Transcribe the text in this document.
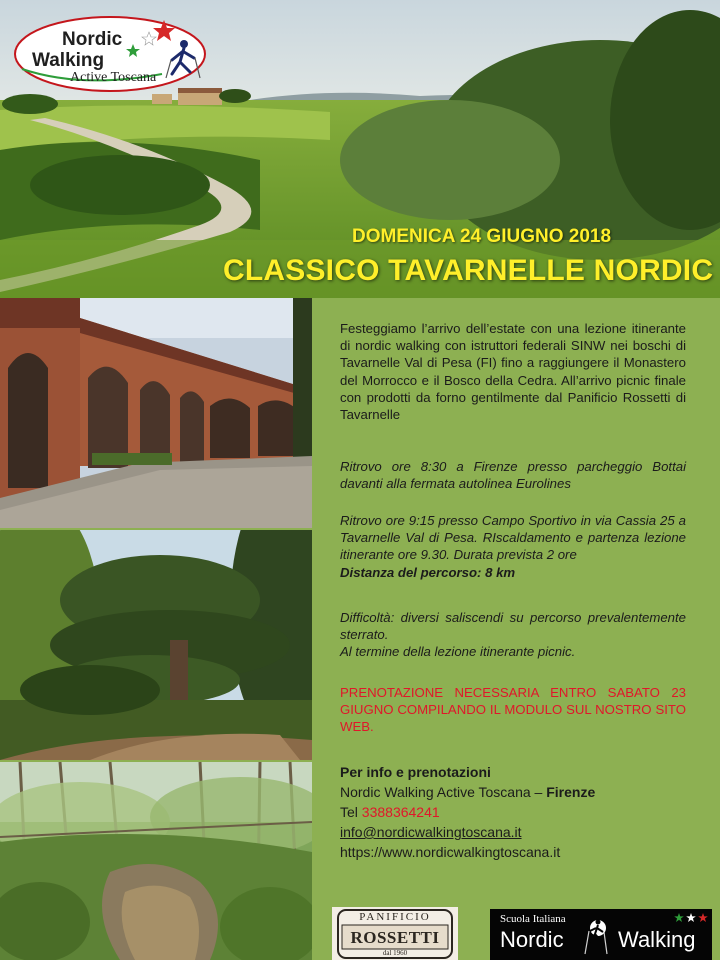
Nordic
Walking
Active Toscana
DOMENICA 24 GIUGNO 2018
CLASSICO TAVARNELLE NORDIC
Festeggiamo l’arrivo dell’estate con una lezione itinerante di nordic walking con istruttori federali SINW nei boschi di Tavarnelle Val di Pesa (FI) fino a raggiungere il Monastero del Morrocco e il Bosco della Cedra. All’arrivo picnic finale con prodotti da forno gentilmente dal Panificio Rossetti di Tavarnelle
Ritrovo ore 8:30 a Firenze presso parcheggio Bottai davanti alla fermata autolinea Eurolines
Ritrovo ore 9:15 presso Campo Sportivo in via Cassia 25 a Tavarnelle Val di Pesa. RIscaldamento e partenza lezione itinerante ore 9.30. Durata prevista 2 ore
Distanza del percorso: 8 km
Difficoltà: diversi saliscendi su percorso prevalentemente sterrato.
Al termine della lezione itinerante picnic.
PRENOTAZIONE NECESSARIA ENTRO SABATO 23 GIUGNO COMPILANDO IL MODULO SUL NOSTRO SITO WEB.
Per info e prenotazioni
Nordic Walking Active Toscana – Firenze
Tel 3388364241
info@nordicwalkingtoscana.it
https://www.nordicwalkingtoscana.it
PANIFICIO
ROSSETTI
dal 1960
Scuola Italiana
Nordic Walking
